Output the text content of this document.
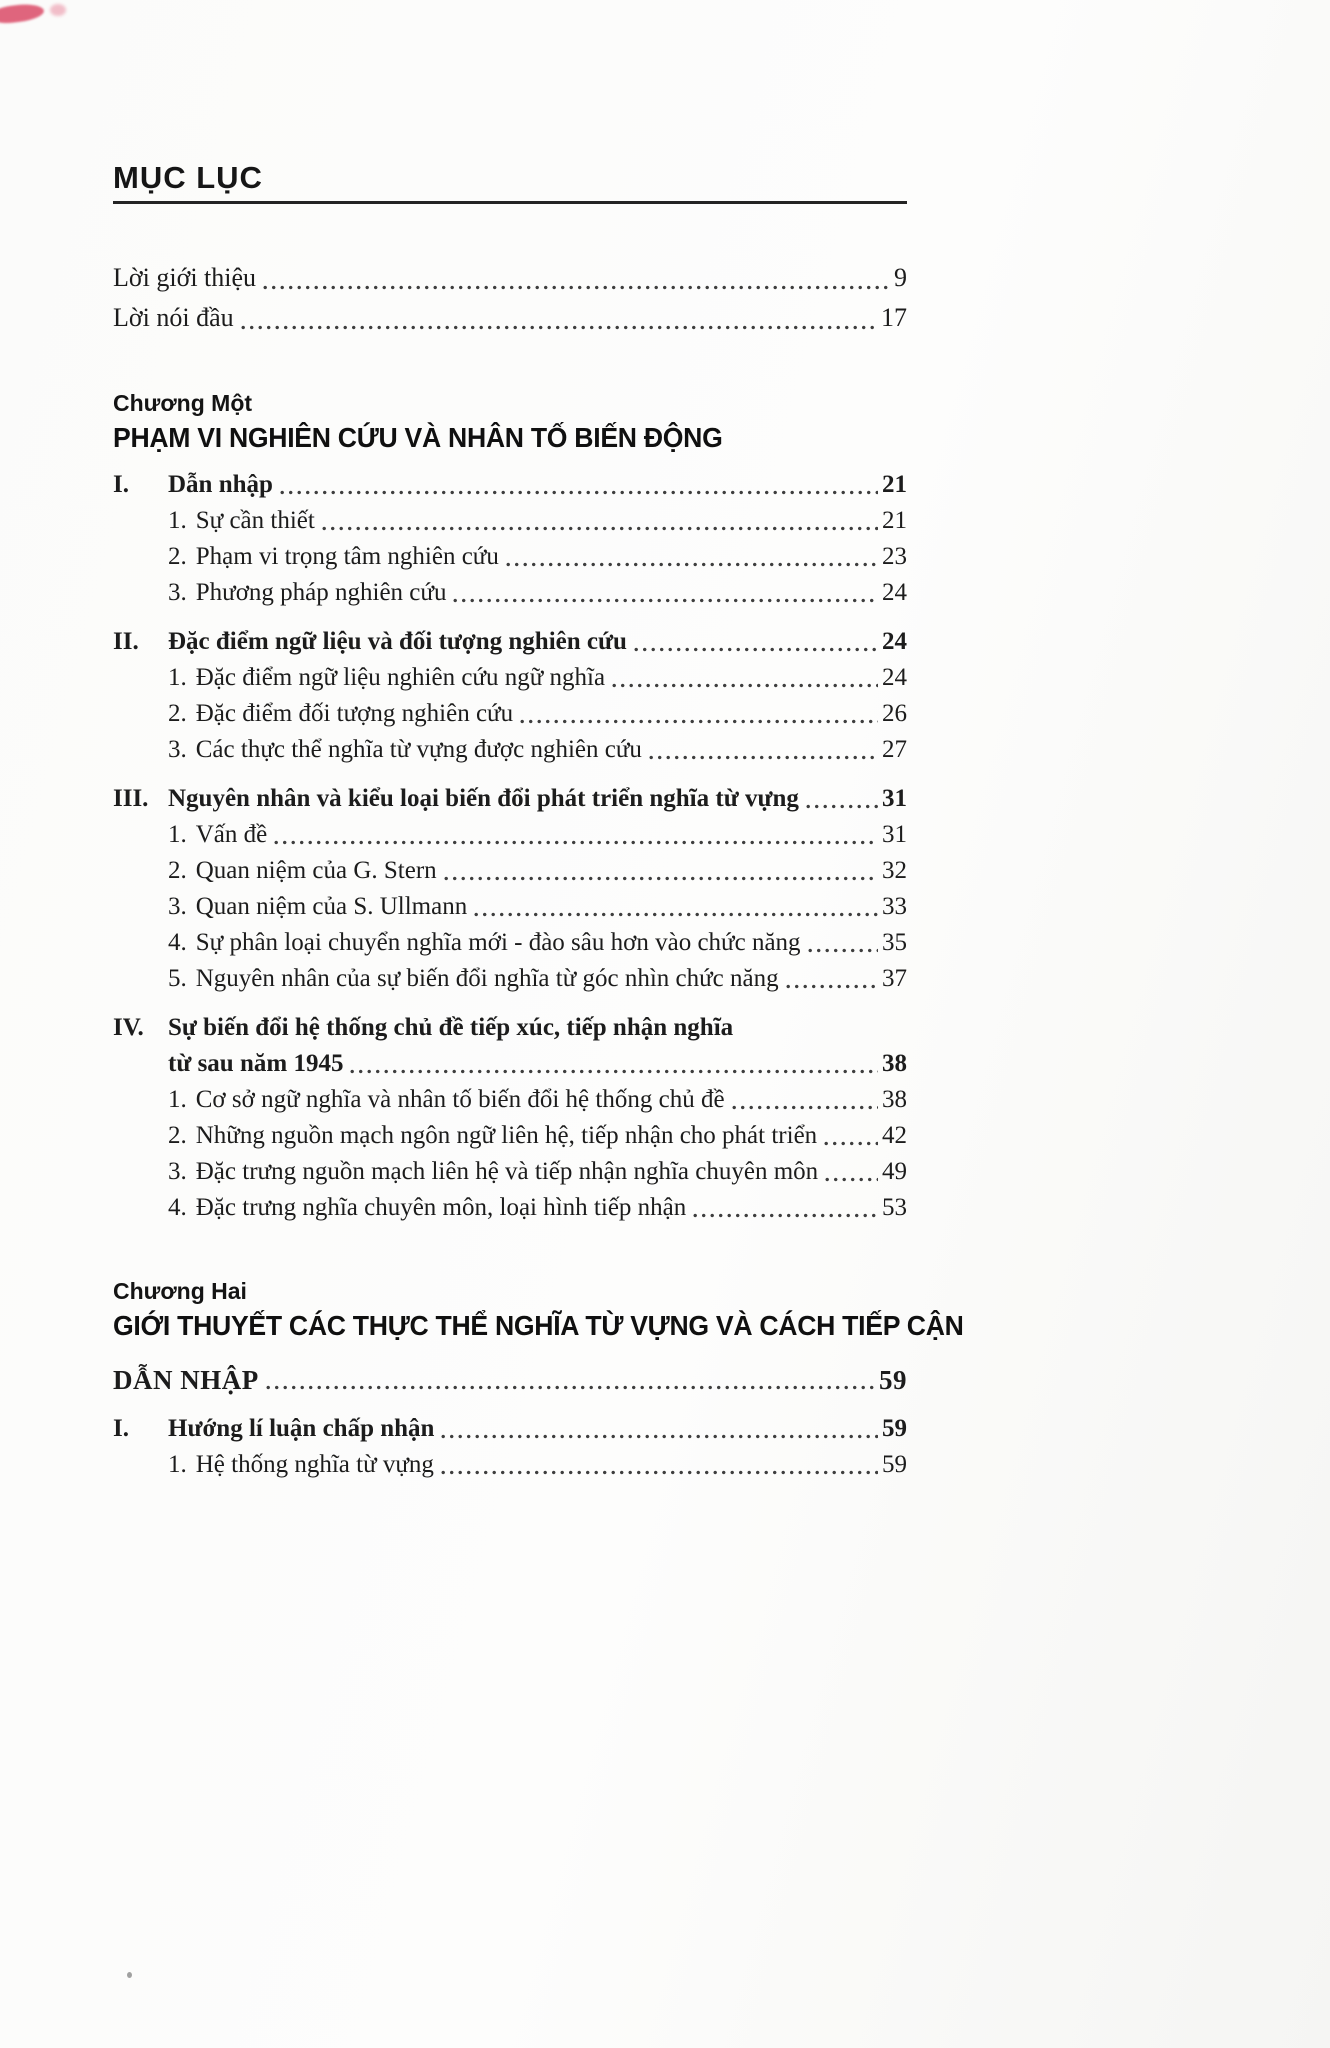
MỤC LỤC
Lời giới thiệu	9
Lời nói đầu	17
Chương Một
PHẠM VI NGHIÊN CỨU VÀ NHÂN TỐ BIẾN ĐỘNG
I.	Dẫn nhập	21
1. Sự cần thiết	21
2. Phạm vi trọng tâm nghiên cứu	23
3. Phương pháp nghiên cứu	24
II.	Đặc điểm ngữ liệu và đối tượng nghiên cứu	24
1. Đặc điểm ngữ liệu nghiên cứu ngữ nghĩa	24
2. Đặc điểm đối tượng nghiên cứu	26
3. Các thực thể nghĩa từ vựng được nghiên cứu	27
III. Nguyên nhân và kiểu loại biến đổi phát triển nghĩa từ vựng	31
1. Vấn đề	31
2. Quan niệm của G. Stern	32
3. Quan niệm của S. Ullmann	33
4. Sự phân loại chuyển nghĩa mới - đào sâu hơn vào chức năng	35
5. Nguyên nhân của sự biến đổi nghĩa từ góc nhìn chức năng	37
IV. Sự biến đổi hệ thống chủ đề tiếp xúc, tiếp nhận nghĩa
từ sau năm 1945	38
1. Cơ sở ngữ nghĩa và nhân tố biến đổi hệ thống chủ đề	38
2. Những nguồn mạch ngôn ngữ liên hệ, tiếp nhận cho phát triển	42
3. Đặc trưng nguồn mạch liên hệ và tiếp nhận nghĩa chuyên môn	49
4. Đặc trưng nghĩa chuyên môn, loại hình tiếp nhận	53
Chương Hai
GIỚI THUYẾT CÁC THỰC THỂ NGHĨA TỪ VỰNG VÀ CÁCH TIẾP CẬN
DẪN NHẬP	59
I.	Hướng lí luận chấp nhận	59
1. Hệ thống nghĩa từ vựng	59
